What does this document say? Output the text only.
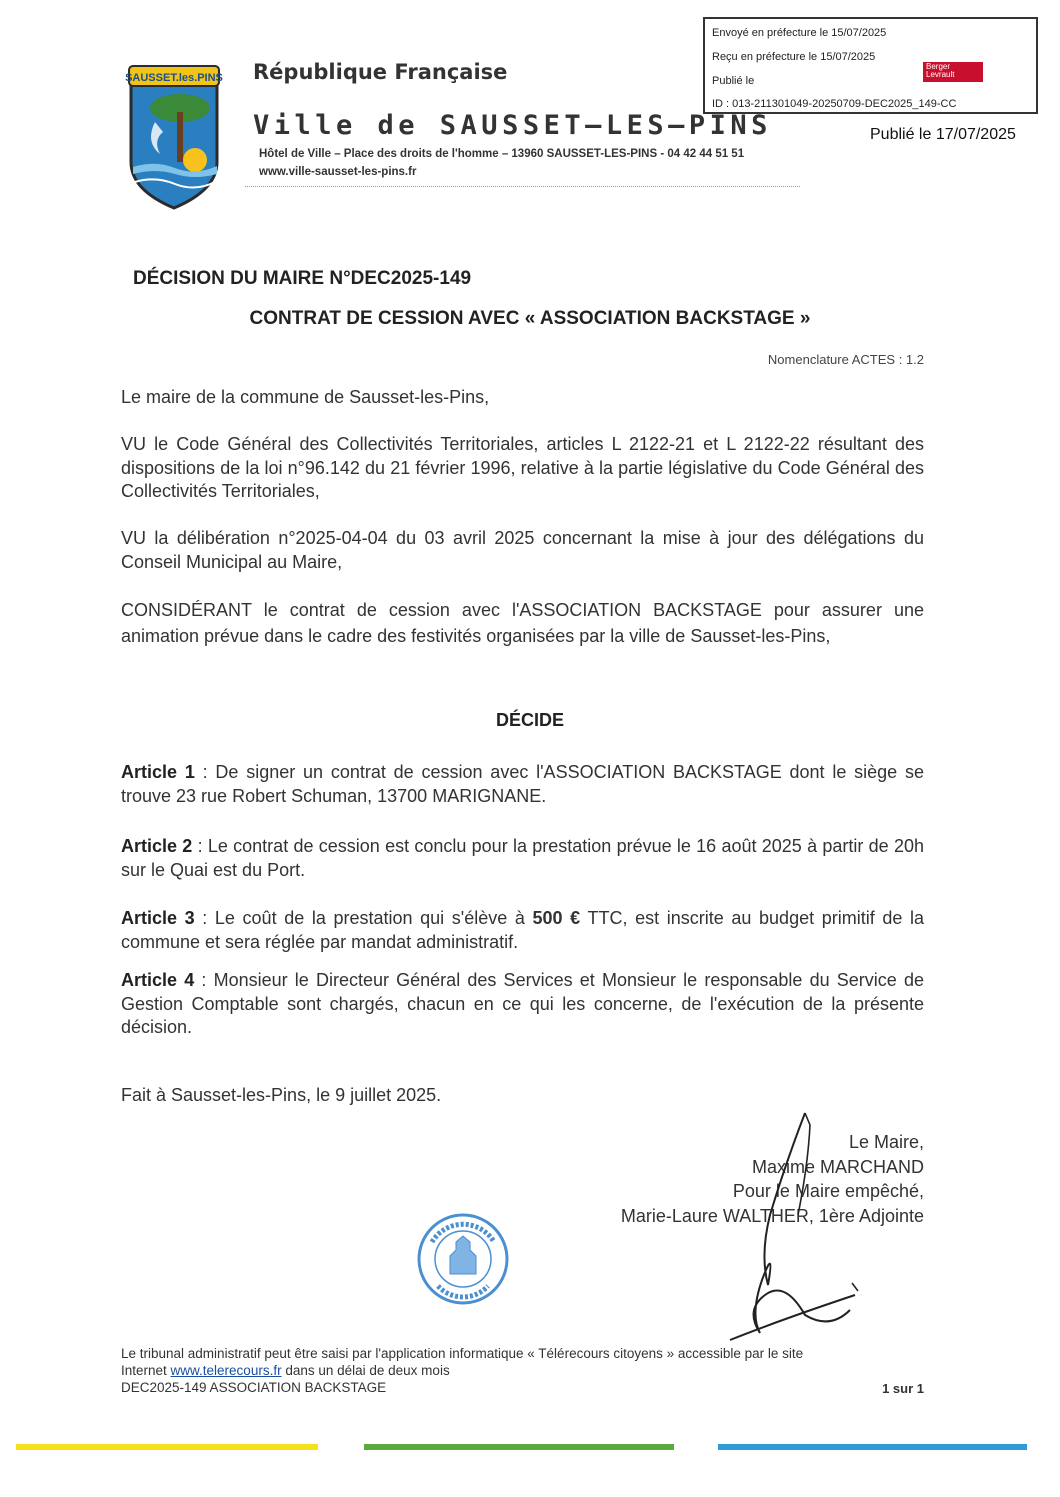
Envoyé en préfecture le 15/07/2025
Reçu en préfecture le 15/07/2025
Publié le
ID : 013-211301049-20250709-DEC2025_149-CC
Berger Levrault
Publié le 17/07/2025
SAUSSET.les.PINS République Française
Ville de SAUSSET–LES–PINS
Hôtel de Ville – Place des droits de l'homme – 13960 SAUSSET-LES-PINS - 04 42 44 51 51
www.ville-sausset-les-pins.fr
DÉCISION DU MAIRE N°DEC2025-149
CONTRAT DE CESSION AVEC « ASSOCIATION BACKSTAGE »
Nomenclature ACTES : 1.2
Le maire de la commune de Sausset-les-Pins,
VU le Code Général des Collectivités Territoriales, articles L 2122-21 et L 2122-22 résultant des dispositions de la loi n°96.142 du 21 février 1996, relative à la partie législative du Code Général des Collectivités Territoriales,
VU la délibération n°2025-04-04 du 03 avril 2025 concernant la mise à jour des délégations du Conseil Municipal au Maire,
CONSIDÉRANT le contrat de cession avec l'ASSOCIATION BACKSTAGE pour assurer une animation prévue dans le cadre des festivités organisées par la ville de Sausset-les-Pins,
DÉCIDE
Article 1 : De signer un contrat de cession avec l'ASSOCIATION BACKSTAGE dont le siège se trouve 23 rue Robert Schuman, 13700 MARIGNANE.
Article 2 : Le contrat de cession est conclu pour la prestation prévue le 16 août 2025 à partir de 20h sur le Quai est du Port.
Article 3 : Le coût de la prestation qui s'élève à 500 € TTC, est inscrite au budget primitif de la commune et sera réglée par mandat administratif.
Article 4 : Monsieur le Directeur Général des Services et Monsieur le responsable du Service de Gestion Comptable sont chargés, chacun en ce qui les concerne, de l'exécution de la présente décision.
Fait à Sausset-les-Pins, le 9 juillet 2025.
Le Maire,
Maxime MARCHAND
Pour le Maire empêché,
Marie-Laure WALTHER, 1ère Adjointe
Le tribunal administratif peut être saisi par l'application informatique « Télérecours citoyens » accessible par le site
Internet www.telerecours.fr dans un délai de deux mois
DEC2025-149 ASSOCIATION BACKSTAGE	1 sur 1
